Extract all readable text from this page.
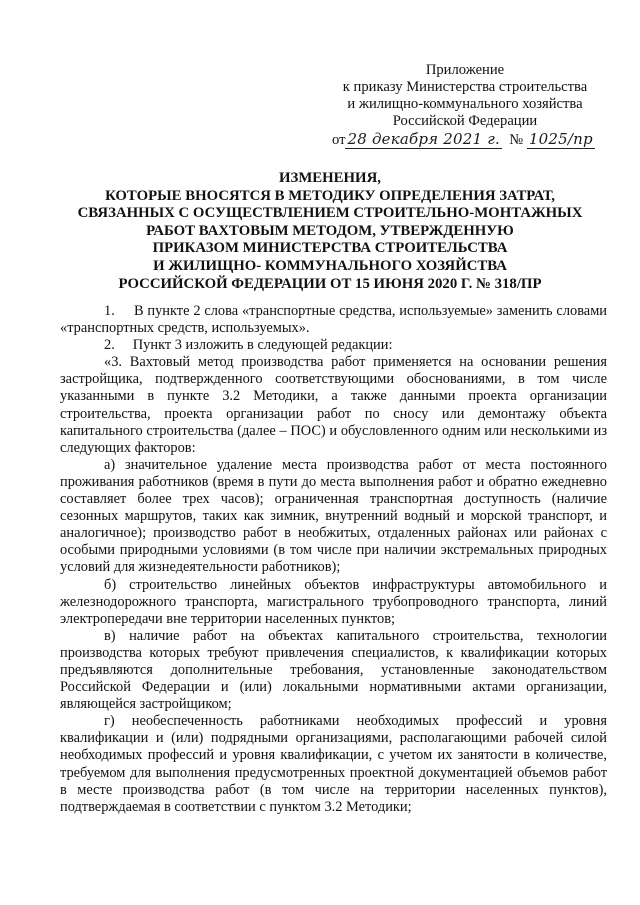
Приложение
к приказу Министерства строительства
и жилищно-коммунального хозяйства
Российской Федерации
от 28 декабря 2021 г. № 1025/пр
ИЗМЕНЕНИЯ,
КОТОРЫЕ ВНОСЯТСЯ В МЕТОДИКУ ОПРЕДЕЛЕНИЯ ЗАТРАТ,
СВЯЗАННЫХ С ОСУЩЕСТВЛЕНИЕМ СТРОИТЕЛЬНО-МОНТАЖНЫХ
РАБОТ ВАХТОВЫМ МЕТОДОМ, УТВЕРЖДЕННУЮ
ПРИКАЗОМ МИНИСТЕРСТВА СТРОИТЕЛЬСТВА
И ЖИЛИЩНО- КОММУНАЛЬНОГО ХОЗЯЙСТВА
РОССИЙСКОЙ ФЕДЕРАЦИИ ОТ 15 ИЮНЯ 2020 Г. № 318/ПР

1.     В пункте 2 слова «транспортные средства, используемые» заменить словами «транспортных средств, используемых».

2.     Пункт 3 изложить в следующей редакции:

«3. Вахтовый метод производства работ применяется на основании решения застройщика, подтвержденного соответствующими обоснованиями, в том числе указанными в пункте 3.2 Методики, а также данными проекта организации строительства, проекта организации работ по сносу или демонтажу объекта капитального строительства (далее – ПОС) и обусловленного одним или несколькими из следующих факторов:

а) значительное удаление места производства работ от места постоянного проживания работников (время в пути до места выполнения работ и обратно ежедневно составляет более трех часов); ограниченная транспортная доступность (наличие сезонных маршрутов, таких как зимник, внутренний водный и морской транспорт, и аналогичное); производство работ в необжитых, отдаленных районах или районах с особыми природными условиями (в том числе при наличии экстремальных природных условий для жизнедеятельности работников);

б) строительство линейных объектов инфраструктуры автомобильного и железнодорожного транспорта, магистрального трубопроводного транспорта, линий электропередачи вне территории населенных пунктов;

в) наличие работ на объектах капитального строительства, технологии производства которых требуют привлечения специалистов, к квалификации которых предъявляются дополнительные требования, установленные законодательством Российской Федерации и (или) локальными нормативными актами организации, являющейся застройщиком;

г) необеспеченность работниками необходимых профессий и уровня квалификации и (или) подрядными организациями, располагающими рабочей силой необходимых профессий и уровня квалификации, с учетом их занятости в количестве, требуемом для выполнения предусмотренных проектной документацией объемов работ в месте производства работ (в том числе на территории населенных пунктов), подтверждаемая в соответствии с пунктом 3.2 Методики;
